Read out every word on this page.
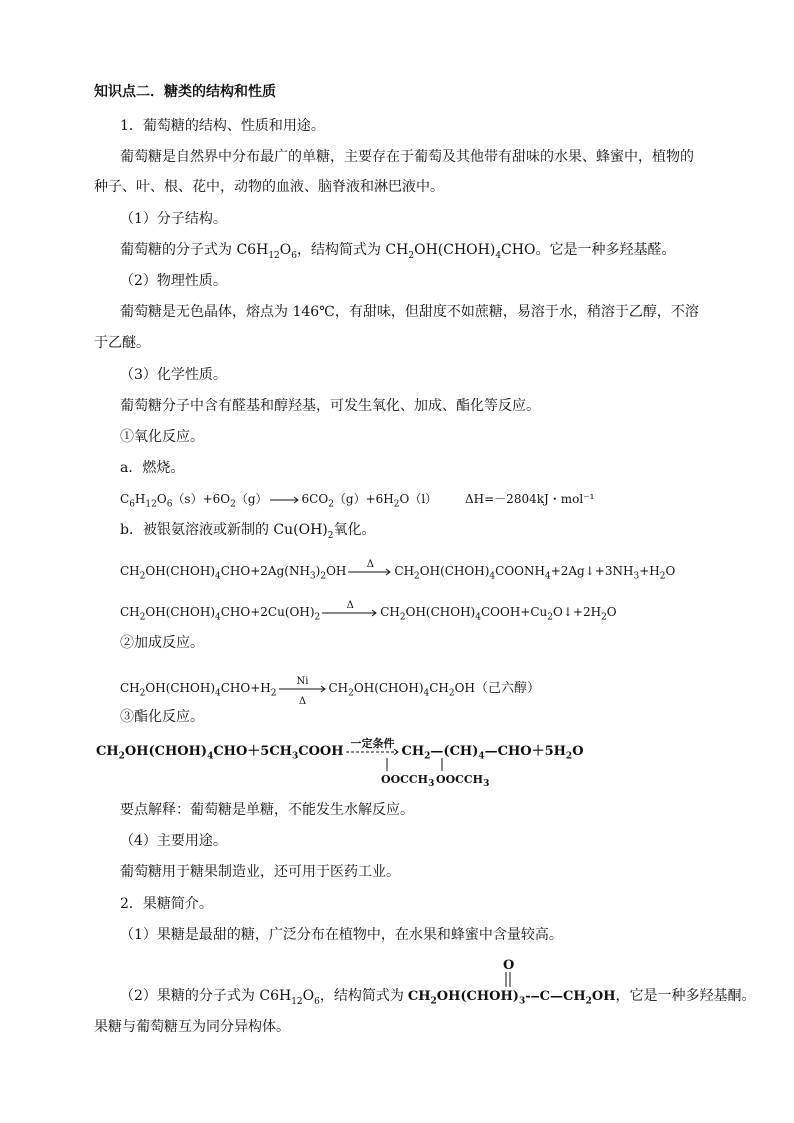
知识点二．糖类的结构和性质
1．葡萄糖的结构、性质和用途。
葡萄糖是自然界中分布最广的单糖，主要存在于葡萄及其他带有甜味的水果、蜂蜜中，植物的
种子、叶、根、花中，动物的血液、脑脊液和淋巴液中。
（1）分子结构。
葡萄糖的分子式为 $C6H_{12}O_6$，结构简式为 $CH_2OH(CHOH)_4CHO$。它是一种多羟基醛。
（2）物理性质。
葡萄糖是无色晶体，熔点为 146℃，有甜味，但甜度不如蔗糖，易溶于水，稍溶于乙醇，不溶
于乙醚。
（3）化学性质。
葡萄糖分子中含有醛基和醇羟基，可发生氧化、加成、酯化等反应。
①氧化反应。
a．燃烧。
$C_6H_{12}O_6(s)+6O_2(g)$	$6CO_2(g)+6H_2O(l)$ ΔH=－2804kJ・mol⁻¹
b．被银氨溶液或新制的 $Cu(OH)_2$氧化。
$CH_2OH(CHOH)_4CHO+2Ag(NH_3)_2OH$	Δ	$CH_2OH(CHOH)_4COONH_4+2Ag↓+3NH_3+H_2O$
$CH_2OH(CHOH)_4CHO+2Cu(OH)_2$
Δ	$CH_2OH(CHOH)_4COOH+Cu_2O↓+2H_2O$
②加成反应。
$CH_2OH(CHOH)_4CHO+H_2$
Ni
Δ
$CH_2OH(CHOH)_4CH_2OH$（己六醇）
③酯化反应。
$CH_2OH(CHOH)_4CHO+5CH_3COOH$
一定条件
$CH_2—(CH)_4—CHO+5H_2O$
$OOCCH_3$ $OOCCH_3$
要点解释：葡萄糖是单糖，不能发生水解反应。
（4）主要用途。
葡萄糖用于糖果制造业，还可用于医药工业。
2．果糖简介。
（1）果糖是最甜的糖，广泛分布在植物中，在水果和蜂蜜中含量较高。
（2）果糖的分子式为 $C6H_{12}O_6$，结构简式为 $CH_2OH(CHOH)_3-‒C—CH_2OH$，它是一种多羟基酮。
O
果糖与葡萄糖互为同分异构体。
